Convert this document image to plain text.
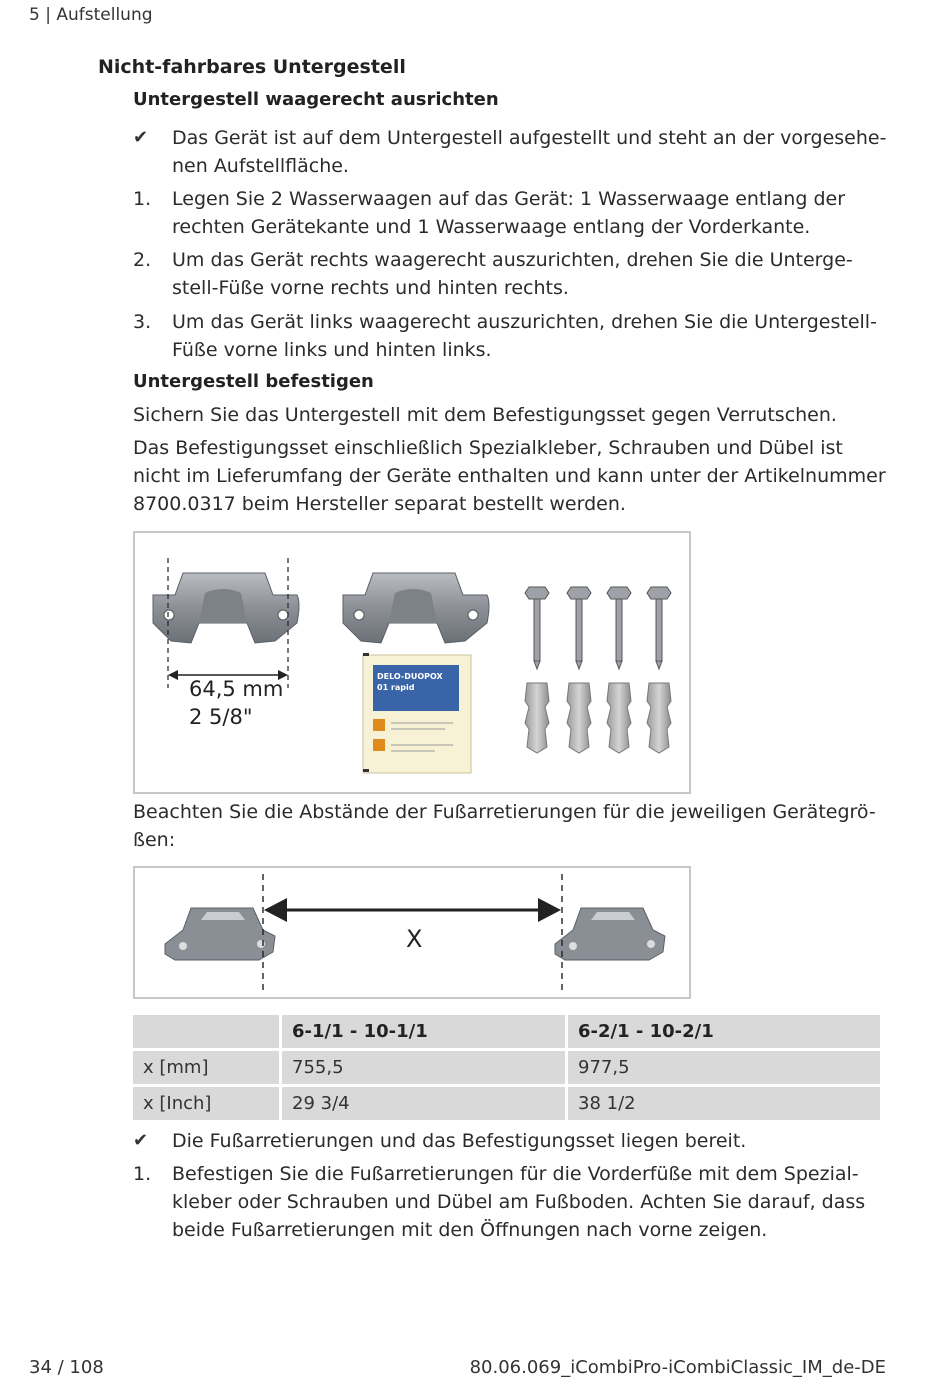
5 | Aufstellung
Nicht-fahrbares Untergestell
Untergestell waagerecht ausrichten
✔	Das Gerät ist auf dem Untergestell aufgestellt und steht an der vorgesehe-
nen Aufstellfläche.
1.	Legen Sie 2 Wasserwaagen auf das Gerät: 1 Wasserwaage entlang der
rechten Gerätekante und 1 Wasserwaage entlang der Vorderkante.
2.	Um das Gerät rechts waagerecht auszurichten, drehen Sie die Unterge-
stell-Füße vorne rechts und hinten rechts.
3.	Um das Gerät links waagerecht auszurichten, drehen Sie die Untergestell-
Füße vorne links und hinten links.
Untergestell befestigen
Sichern Sie das Untergestell mit dem Befestigungsset gegen Verrutschen.
Das Befestigungsset einschließlich Spezialkleber, Schrauben und Dübel ist
nicht im Lieferumfang der Geräte enthalten und kann unter der Artikelnummer
8700.0317 beim Hersteller separat bestellt werden.
64,5 mm
2 5/8"
DELO-DUOPOX
01 rapid
Beachten Sie die Abstände der Fußarretierungen für die jeweiligen Gerätegrö-
ßen:
X
	6-1/1 - 10-1/1	6-2/1 - 10-2/1
x [mm]	755,5	977,5
x [Inch]	29 3/4	38 1/2
✔	Die Fußarretierungen und das Befestigungsset liegen bereit.
1.	Befestigen Sie die Fußarretierungen für die Vorderfüße mit dem Spezial-
kleber oder Schrauben und Dübel am Fußboden. Achten Sie darauf, dass
beide Fußarretierungen mit den Öffnungen nach vorne zeigen.
34 / 108	80.06.069_iCombiPro-iCombiClassic_IM_de-DE
